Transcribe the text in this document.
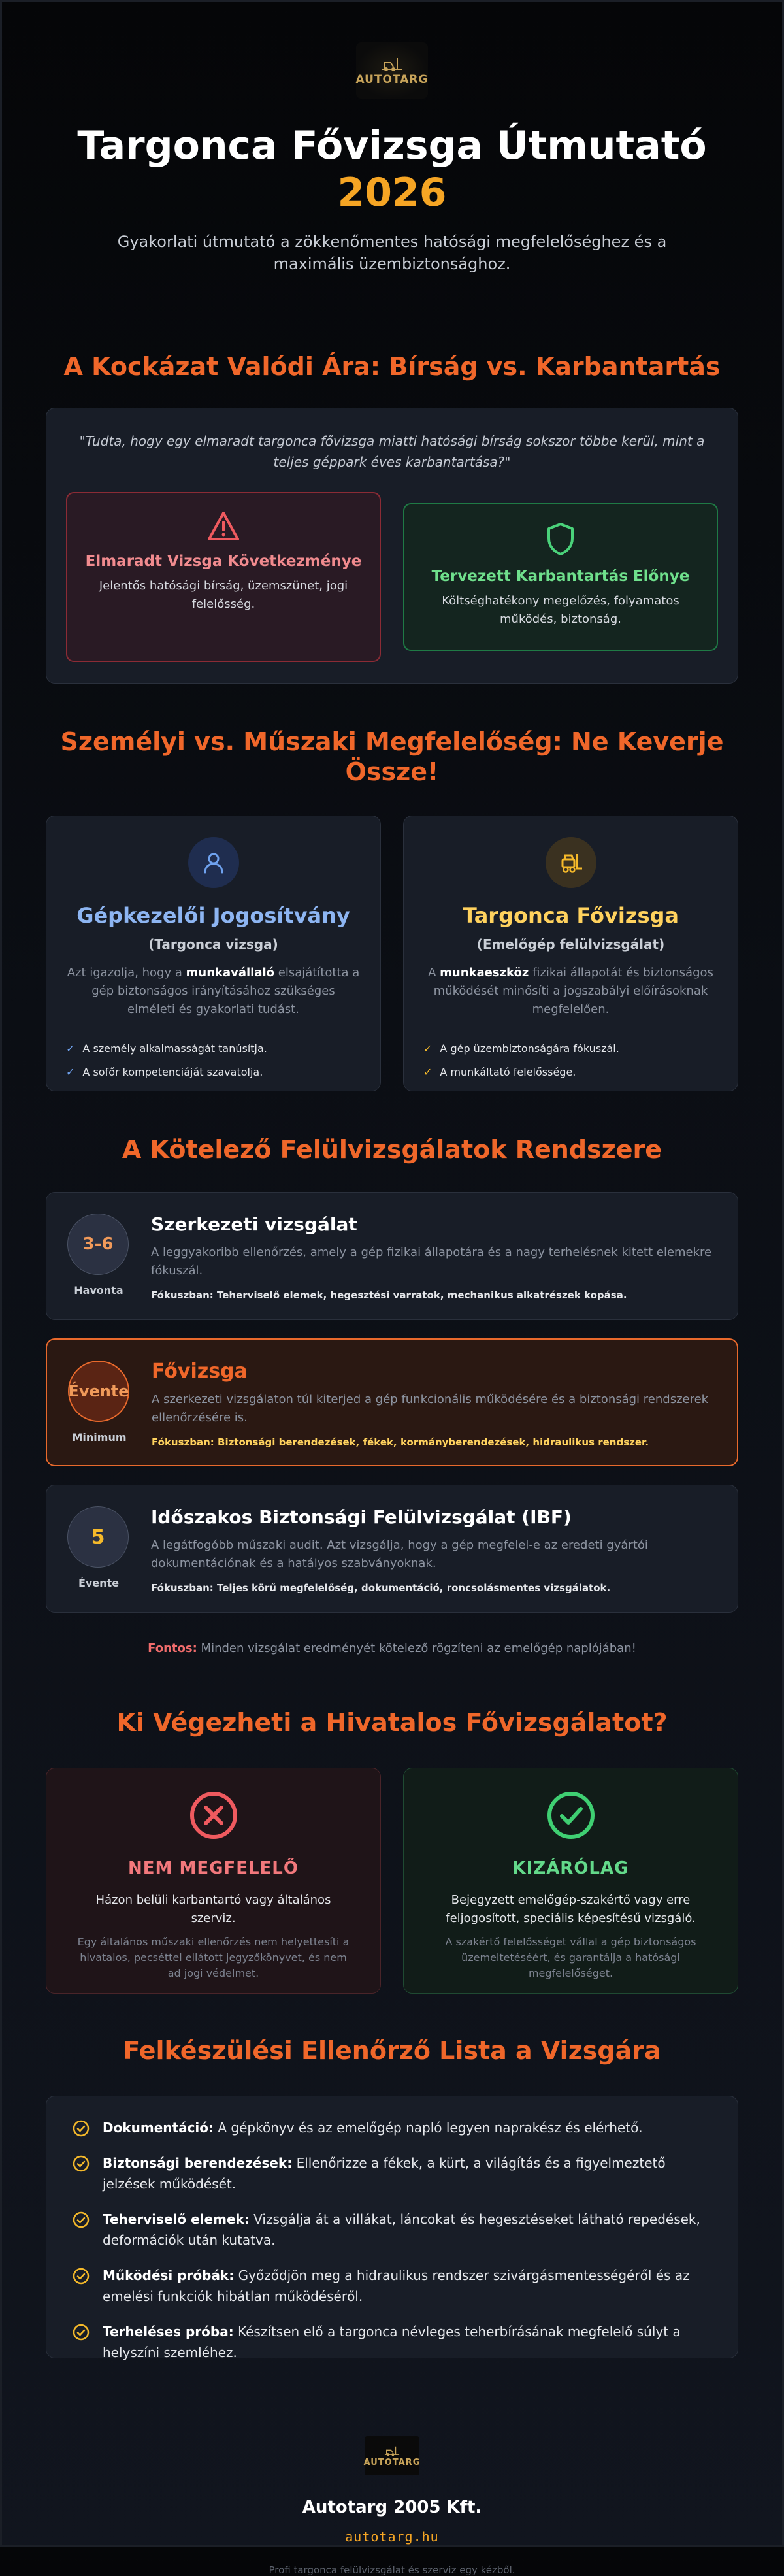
AUTOTARG
Targonca Fővizsga Útmutató
2026

Gyakorlati útmutató a zökkenőmentes hatósági megfelelőséghez és a maximális üzembiztonsághoz.

A Kockázat Valódi Ára: Bírság vs. Karbantartás

"Tudta, hogy egy elmaradt targonca fővizsga miatti hatósági bírság sokszor többe kerül, mint a teljes géppark éves karbantartása?"

Elmaradt Vizsga Következménye
Jelentős hatósági bírság, üzemszünet, jogi felelősség.
Tervezett Karbantartás Előnye
Költséghatékony megelőzés, folyamatos működés, biztonság.
Személyi vs. Műszaki Megfelelőség: Ne Keverje Össze!
Gépkezelői Jogosítvány
(Targonca vizsga)

Azt igazolja, hogy a munkavállaló elsajátította a gép biztonságos irányításához szükséges elméleti és gyakorlati tudást.

✓ A személy alkalmasságát tanúsítja.
✓ A sofőr kompetenciáját szavatolja.
Targonca Fővizsga
(Emelőgép felülvizsgálat)

A munkaeszköz fizikai állapotát és biztonságos működését minősíti a jogszabályi előírásoknak megfelelően.

✓ A gép üzembiztonságára fókuszál.
✓ A munkáltató felelőssége.
A Kötelező Felülvizsgálatok Rendszere
3-6
Havonta
Szerkezeti vizsgálat
A leggyakoribb ellenőrzés, amely a gép fizikai állapotára és a nagy terhelésnek kitett elemekre fókuszál.
Fókuszban: Teherviselő elemek, hegesztési varratok, mechanikus alkatrészek kopása.
Évente
Minimum
Fővizsga
A szerkezeti vizsgálaton túl kiterjed a gép funkcionális működésére és a biztonsági rendszerek ellenőrzésére is.
Fókuszban: Biztonsági berendezések, fékek, kormányberendezések, hidraulikus rendszer.
5
Évente
Időszakos Biztonsági Felülvizsgálat (IBF)
A legátfogóbb műszaki audit. Azt vizsgálja, hogy a gép megfelel-e az eredeti gyártói dokumentációnak és a hatályos szabványoknak.
Fókuszban: Teljes körű megfelelőség, dokumentáció, roncsolásmentes vizsgálatok.

Fontos: Minden vizsgálat eredményét kötelező rögzíteni az emelőgép naplójában!

Ki Végezheti a Hivatalos Fővizsgálatot?
NEM MEGFELELŐ
Házon belüli karbantartó vagy általános szerviz.
Egy általános műszaki ellenőrzés nem helyettesíti a hivatalos, pecséttel ellátott jegyzőkönyvet, és nem ad jogi védelmet.
KIZÁRÓLAG
Bejegyzett emelőgép-szakértő vagy erre feljogosított, speciális képesítésű vizsgáló.
A szakértő felelősséget vállal a gép biztonságos üzemeltetéséért, és garantálja a hatósági megfelelőséget.
Felkészülési Ellenőrző Lista a Vizsgára
Dokumentáció: A gépkönyv és az emelőgép napló legyen naprakész és elérhető.
Biztonsági berendezések: Ellenőrizze a fékek, a kürt, a világítás és a figyelmeztető jelzések működését.
Teherviselő elemek: Vizsgálja át a villákat, láncokat és hegesztéseket látható repedések, deformációk után kutatva.
Működési próbák: Győződjön meg a hidraulikus rendszer szivárgásmentességéről és az emelési funkciók hibátlan működéséről.
Terheléses próba: Készítsen elő a targonca névleges teherbírásának megfelelő súlyt a helyszíni szemléhez.
AUTOTARG
Autotarg 2005 Kft.
autotarg.hu
Profi targonca felülvizsgálat és szerviz egy kézből.
